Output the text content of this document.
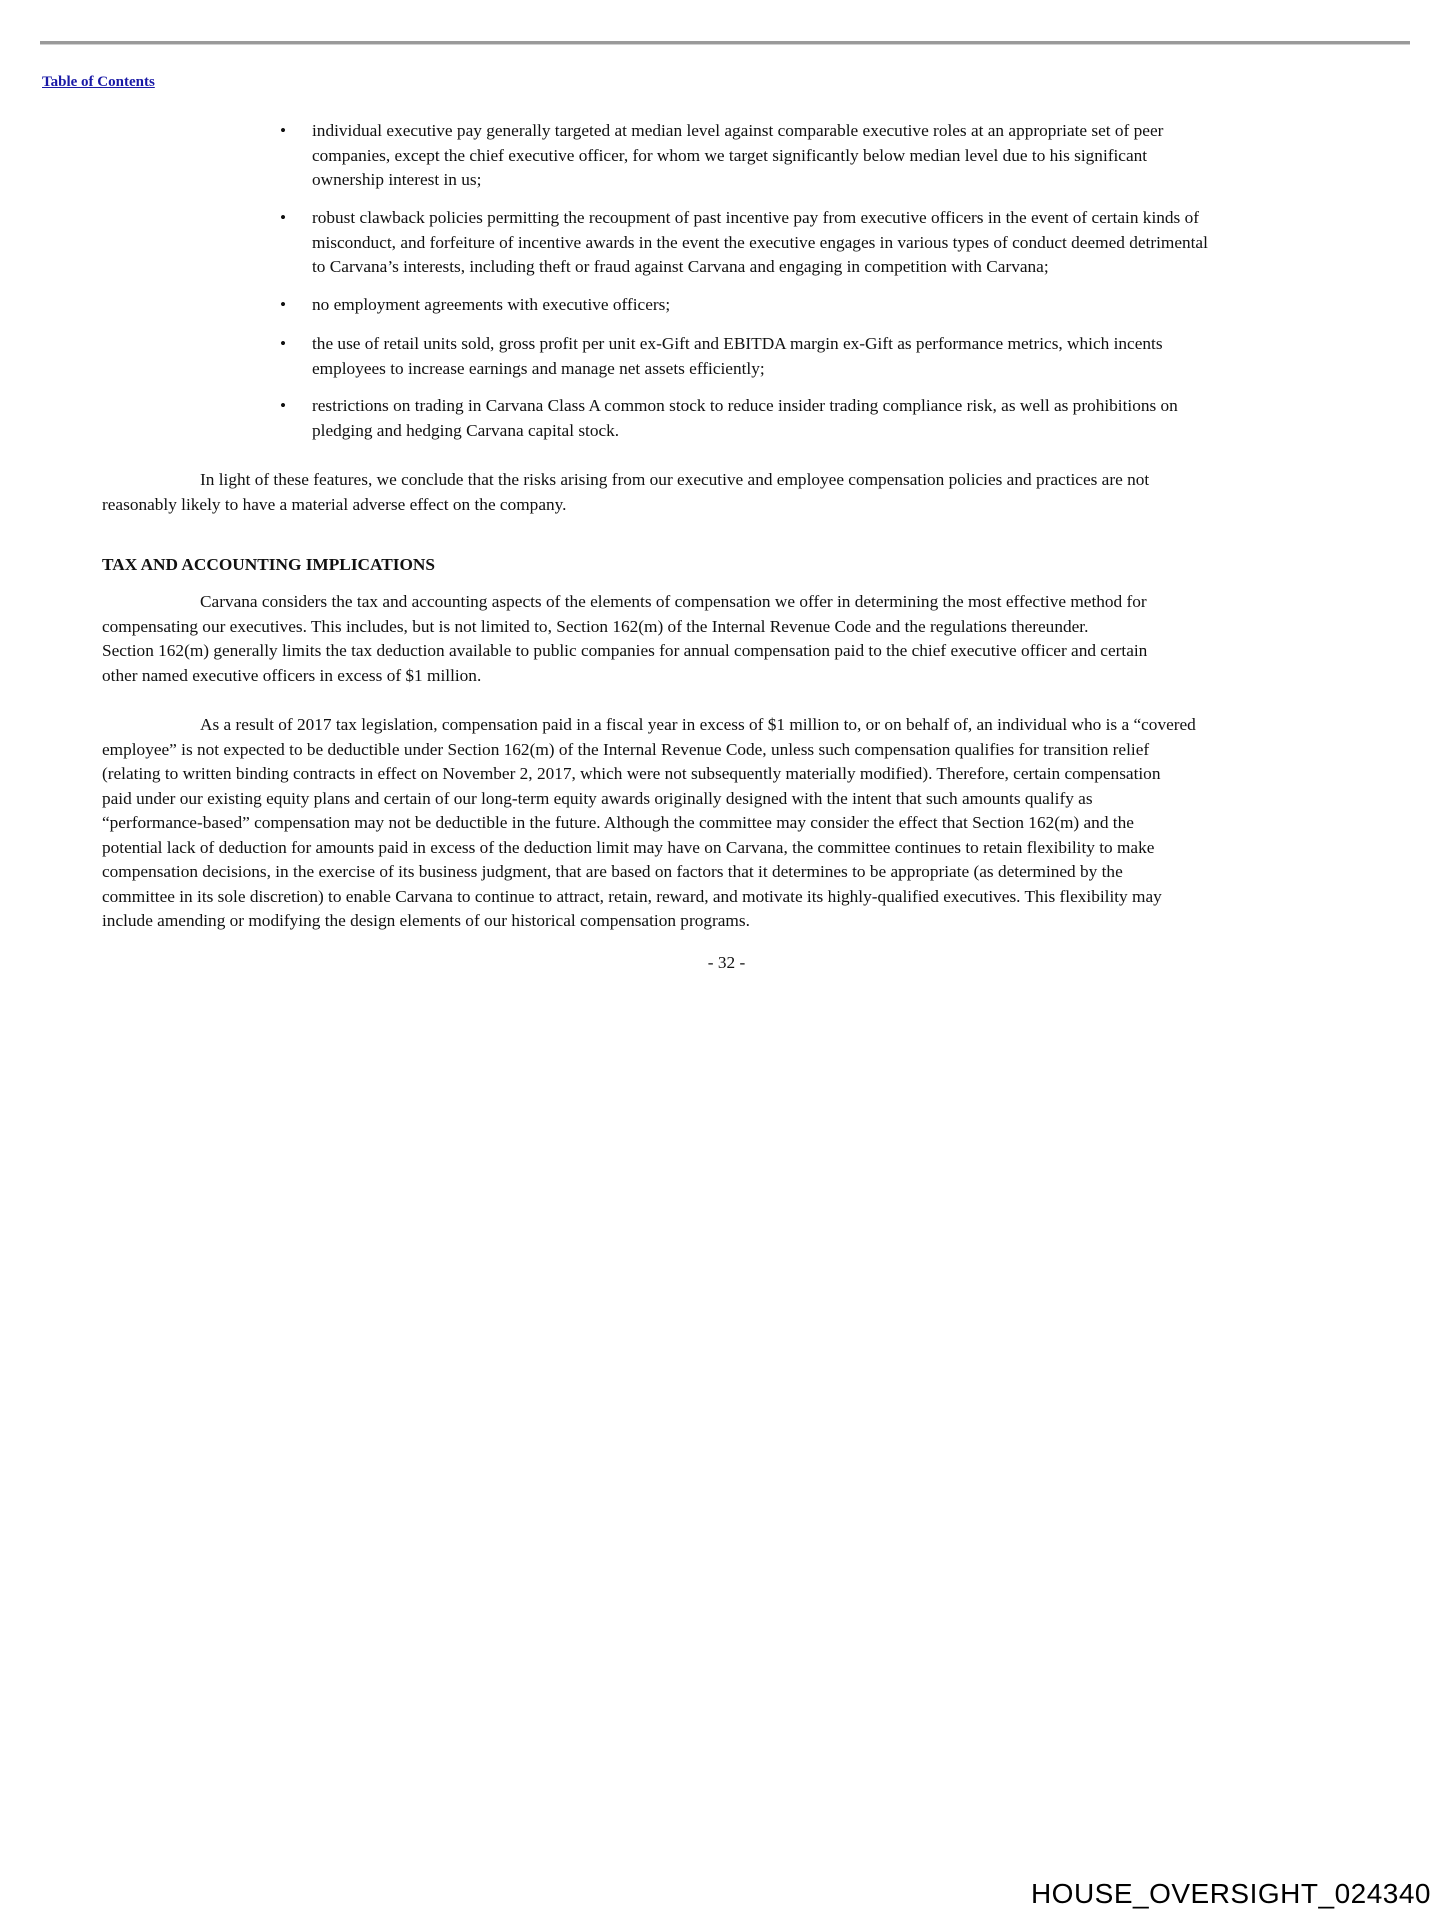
Table of Contents
• individual executive pay generally targeted at median level against comparable executive roles at an appropriate set of peer
companies, except the chief executive officer, for whom we target significantly below median level due to his significant
ownership interest in us;
• robust clawback policies permitting the recoupment of past incentive pay from executive officers in the event of certain kinds of
misconduct, and forfeiture of incentive awards in the event the executive engages in various types of conduct deemed detrimental
to Carvana’s interests, including theft or fraud against Carvana and engaging in competition with Carvana;
• no employment agreements with executive officers;
• the use of retail units sold, gross profit per unit ex-Gift and EBITDA margin ex-Gift as performance metrics, which incents
employees to increase earnings and manage net assets efficiently;
• restrictions on trading in Carvana Class A common stock to reduce insider trading compliance risk, as well as prohibitions on
pledging and hedging Carvana capital stock.
In light of these features, we conclude that the risks arising from our executive and employee compensation policies and practices are not
reasonably likely to have a material adverse effect on the company.
TAX AND ACCOUNTING IMPLICATIONS
Carvana considers the tax and accounting aspects of the elements of compensation we offer in determining the most effective method for
compensating our executives. This includes, but is not limited to, Section 162(m) of the Internal Revenue Code and the regulations thereunder.
Section 162(m) generally limits the tax deduction available to public companies for annual compensation paid to the chief executive officer and certain
other named executive officers in excess of $1 million.
As a result of 2017 tax legislation, compensation paid in a fiscal year in excess of $1 million to, or on behalf of, an individual who is a “covered
employee” is not expected to be deductible under Section 162(m) of the Internal Revenue Code, unless such compensation qualifies for transition relief
(relating to written binding contracts in effect on November 2, 2017, which were not subsequently materially modified). Therefore, certain compensation
paid under our existing equity plans and certain of our long-term equity awards originally designed with the intent that such amounts qualify as
“performance-based” compensation may not be deductible in the future. Although the committee may consider the effect that Section 162(m) and the
potential lack of deduction for amounts paid in excess of the deduction limit may have on Carvana, the committee continues to retain flexibility to make
compensation decisions, in the exercise of its business judgment, that are based on factors that it determines to be appropriate (as determined by the
committee in its sole discretion) to enable Carvana to continue to attract, retain, reward, and motivate its highly-qualified executives. This flexibility may
include amending or modifying the design elements of our historical compensation programs.
- 32 -
HOUSE_OVERSIGHT_024340
